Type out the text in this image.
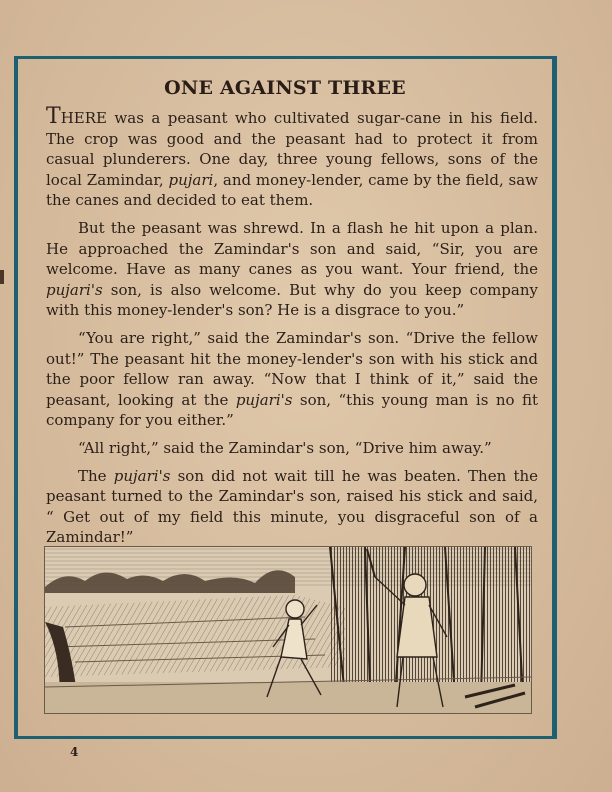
ONE AGAINST THREE

THERE was a peasant who cultivated sugar-cane in his field. The crop was good and the peasant had to protect it from casual plunderers. One day, three young fellows, sons of the local Zamindar, pujari, and money-lender, came by the field, saw the canes and decided to eat them.

But the peasant was shrewd. In a flash he hit upon a plan. He approached the Zamindar's son and said, “Sir, you are welcome. Have as many canes as you want. Your friend, the pujari's son, is also welcome. But why do you keep company with this money-lender's son? He is a disgrace to you.”

“You are right,” said the Zamindar's son. “Drive the fellow out!” The peasant hit the money-lender's son with his stick and the poor fellow ran away. “Now that I think of it,” said the peasant, looking at the pujari's son, “this young man is no fit company for you either.”

“All right,” said the Zamindar's son, “Drive him away.”

The pujari's son did not wait till he was beaten. Then the peasant turned to the Zamindar's son, raised his stick and said, “ Get out of my field this minute, you disgraceful son of a Zamindar!”

4
